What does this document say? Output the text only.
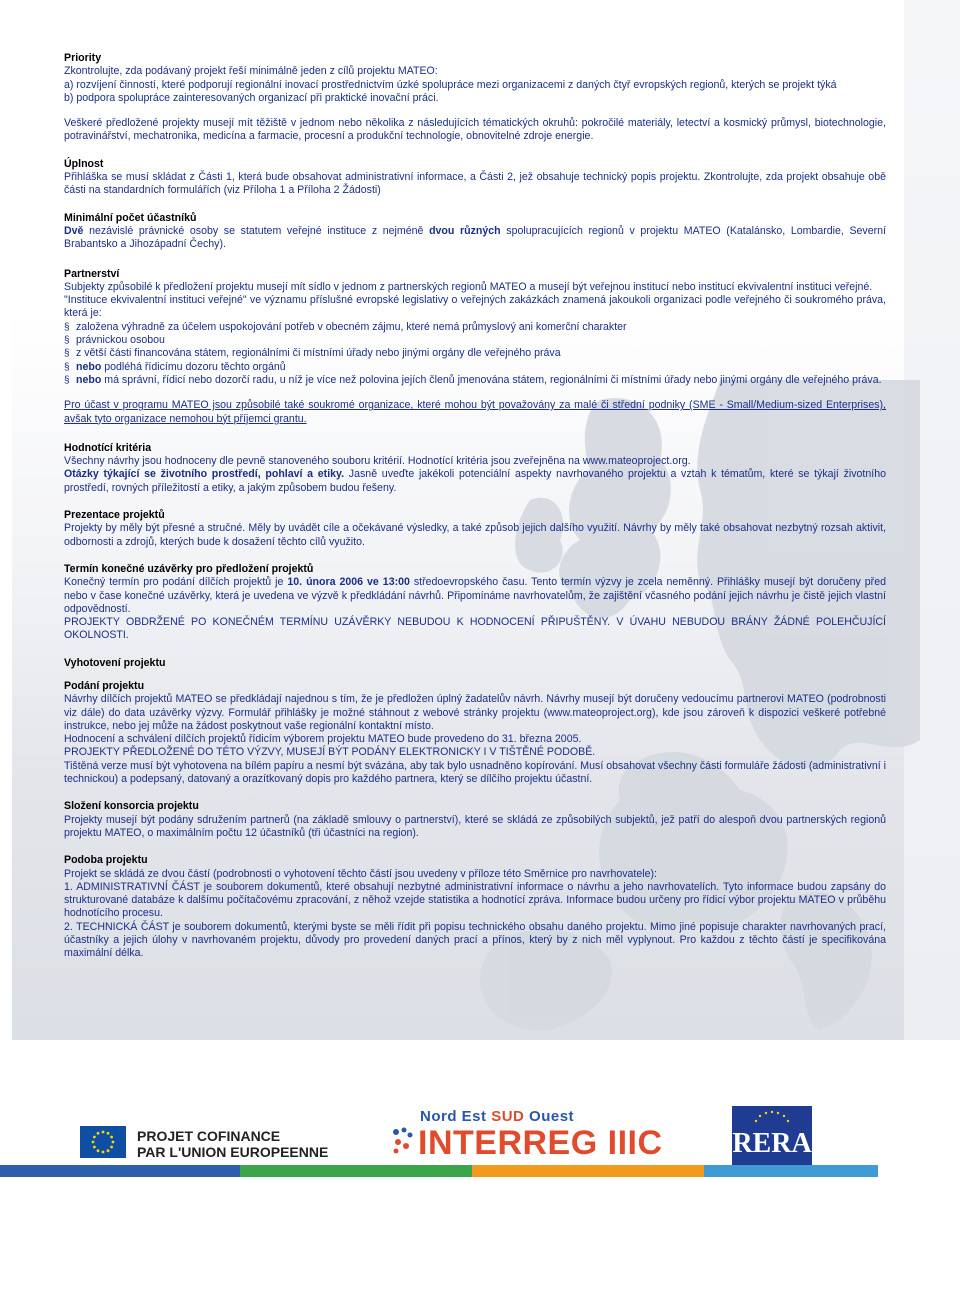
Priority

Zkontrolujte, zda podávaný projekt řeší minimálně jeden z cílů projektu MATEO:

a) rozvíjení činností, které podporují regionální inovací prostřednictvím úzké spolupráce mezi organizacemi z daných čtyř evropských regionů, kterých se projekt týká

b) podpora spolupráce zainteresovaných organizací při praktické inovační práci.

Veškeré předložené projekty musejí mít těžiště v jednom nebo několika z následujících tématických okruhů: pokročilé materiály, letectví a kosmický průmysl, biotechnologie, potravinářství, mechatronika, medicína a farmacie, procesní a produkční technologie, obnovitelné zdroje energie.

Úplnost

Přihláška se musí skládat z Části 1, která bude obsahovat administrativní informace, a Části 2, jež obsahuje technický popis projektu. Zkontrolujte, zda projekt obsahuje obě části na standardních formulářích (viz Příloha 1 a Příloha 2 Žádosti)

Minimální počet účastníků

Dvě nezávislé právnické osoby se statutem veřejné instituce z nejméně dvou různých spolupracujících regionů v projektu MATEO (Katalánsko, Lombardie, Severní Brabantsko a Jihozápadní Čechy).

Partnerství

Subjekty způsobilé k předložení projektu musejí mít sídlo v jednom z partnerských regionů MATEO a musejí být veřejnou institucí nebo institucí ekvivalentní instituci veřejné.

"Instituce ekvivalentní instituci veřejné" ve významu příslušné evropské legislativy o veřejných zakázkách znamená jakoukoli organizaci podle veřejného či soukromého práva, která je:

§ založena výhradně za účelem uspokojování potřeb v obecném zájmu, které nemá průmyslový ani komerční charakter

§ právnickou osobou

§ z větší části financována státem, regionálními či místními úřady nebo jinými orgány dle veřejného práva

§ nebo podléhá řídicímu dozoru těchto orgánů

§ nebo má správní, řídicí nebo dozorčí radu, u níž je více než polovina jejích členů jmenována státem, regionálními či místními úřady nebo jinými orgány dle veřejného práva.

Pro účast v programu MATEO jsou způsobilé také soukromé organizace, které mohou být považovány za malé či střední podniky (SME - Small/Medium-sized Enterprises), avšak tyto organizace nemohou být příjemci grantu.

Hodnotící kritéria

Všechny návrhy jsou hodnoceny dle pevně stanoveného souboru kritérií. Hodnotící kritéria jsou zveřejněna na www.mateoproject.org.

Otázky týkající se životního prostředí, pohlaví a etiky. Jasně uveďte jakékoli potenciální aspekty navrhovaného projektu a vztah k tématům, které se týkají životního prostředí, rovných příležitostí a etiky, a jakým způsobem budou řešeny.

Prezentace projektů

Projekty by měly být přesné a stručné. Měly by uvádět cíle a očekávané výsledky, a také způsob jejich dalšího využití. Návrhy by měly také obsahovat nezbytný rozsah aktivit, odbornosti a zdrojů, kterých bude k dosažení těchto cílů využito.

Termín konečné uzávěrky pro předložení projektů

Konečný termín pro podání dílčích projektů je 10. února 2006 ve 13:00 středoevropského času. Tento termín výzvy je zcela neměnný. Přihlášky musejí být doručeny před nebo v čase konečné uzávěrky, která je uvedena ve výzvě k předkládání návrhů. Připomínáme navrhovatelům, že zajištění včasného podání jejich návrhu je čistě jejich vlastní odpovědností.

PROJEKTY OBDRŽENÉ PO KONEČNÉM TERMÍNU UZÁVĚRKY NEBUDOU K HODNOCENÍ PŘIPUŠTĚNY. V ÚVAHU NEBUDOU BRÁNY ŽÁDNÉ POLEHČUJÍCÍ OKOLNOSTI.

Vyhotovení projektu

Podání projektu

Návrhy dílčích projektů MATEO se předkládají najednou s tím, že je předložen úplný žadatelův návrh. Návrhy musejí být doručeny vedoucímu partnerovi MATEO (podrobnosti viz dále) do data uzávěrky výzvy. Formulář přihlášky je možné stáhnout z webové stránky projektu (www.mateoproject.org), kde jsou zároveň k dispozici veškeré potřebné instrukce, nebo jej může na žádost poskytnout vaše regionální kontaktní místo.

Hodnocení a schválení dílčích projektů řídicím výborem projektu MATEO bude provedeno do 31. března 2005.

PROJEKTY PŘEDLOŽENÉ DO TÉTO VÝZVY, MUSEJÍ BÝT PODÁNY ELEKTRONICKY I V TIŠTĚNÉ PODOBĚ.

Tištěná verze musí být vyhotovena na bílém papíru a nesmí být svázána, aby tak bylo usnadněno kopírování. Musí obsahovat všechny části formuláře žádosti (administrativní i technickou) a podepsaný, datovaný a orazítkovaný dopis pro každého partnera, který se dílčího projektu účastní.

Složení konsorcia projektu

Projekty musejí být podány sdružením partnerů (na základě smlouvy o partnerství), které se skládá ze způsobilých subjektů, jež patří do alespoň dvou partnerských regionů projektu MATEO, o maximálním počtu 12 účastníků (tři účastníci na region).

Podoba projektu

Projekt se skládá ze dvou částí (podrobnosti o vyhotovení těchto částí jsou uvedeny v příloze této Směrnice pro navrhovatele):

1. ADMINISTRATIVNÍ ČÁST je souborem dokumentů, které obsahují nezbytné administrativní informace o návrhu a jeho navrhovatelích. Tyto informace budou zapsány do strukturované databáze k dalšímu počítačovému zpracování, z něhož vzejde statistika a hodnotící zpráva. Informace budou určeny pro řídicí výbor projektu MATEO v průběhu hodnotícího procesu.

2. TECHNICKÁ ČÁST je souborem dokumentů, kterými byste se měli řídit při popisu technického obsahu daného projektu. Mimo jiné popisuje charakter navrhovaných prací, účastníky a jejich úlohy v navrhovaném projektu, důvody pro provedení daných prací a přínos, který by z nich měl vyplynout. Pro každou z těchto částí je specifikována maximální délka.

PROJET COFINANCE
PAR L'UNION EUROPEENNE
Nord Est SUD Ouest
INTERREG IIIC RERA
